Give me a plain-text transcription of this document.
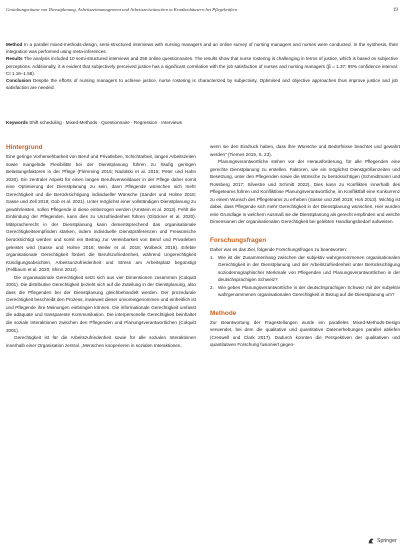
Gestaltungsräume von Dienstplanung, Arbeitszeitmanagement und Arbeitszeitwünschen in Krankenhäusern bei Pflegekräften	19

Method In a parallel mixed-methods-design, semi-structured interviews with nursing managers and an online survey of nursing managers and nurses were conducted. In the synthesis, their integration was performed using meta-inferences.

Results The analysis included 10 semi-structured interviews and 256 online questionnaires. The results show that nurse rostering is challenging in terms of justice, which is based on subjective perceptions. Additionally, it is evident that subjectively perceived justice has a significant correlation with the job satisfaction of nurses and nursing managers (ꞵ = 1.37; 95% confidence interval: CI 1.16–1.58).

Conclusion Despite the efforts of nursing managers to achieve justice, nurse rostering is characterized by subjectivity. Optimised and objective approaches thus improve justice and job satisfaction are needed.

Keywords Shift scheduling · Mixed-Methods · Questionnaire · Regression · Interviews
Hintergrund

Eine geringe Vorhersehbarkeit von Beruf und Privatleben, Schichtarbeit, langen Arbeitszeiten sowie mangelnde Flexibilität bei der Dienstplanung führen zu häufig geringen Belastungsfaktoren in der Pflege (Flemming 2015; Nadolski et al. 2015; Peter und Hahn 2020). Ein zentraler Aspekt für einen langen Berufsverweildauer in der Pflege daher somit eine Optimierung der Dienstplanung zu sein, dann Pflegende wünschen sich mehr Gerechtigkeit und die Berücksichtigung individueller Wünsche (Sander und Holme 2018; Sasse und Zell 2019; Gob et al. 2021). Unter möglichst einer vollständigen Dienstplanung zu gewährleisten, sollen Pflegende in diese einbezogen werden (Arnstein et al. 2013). Fehlt die Einbindung der Pflegenden, kann dies zu Unzufriedenheit führen (Glöckner et al. 2020). Mitspracherecht in der Dienstplanung kann dementsprechend das organisationale Gerechtigkeitsempfinden stärken, indem individuelle Dienstpräferenzen und Freiwünsche berücksichtigt werden und somit ein Beitrag zur Vereinbarkeit von Beruf und Privatleben geleistet wird (Sasse und Holme 2018; Weiler et al. 2018; Wolbeck 2019). Erlebte organisationale Gerechtigkeit fördert die Berufszufriedenheit, während Ungerechtigkeit Kündigungsabsichten, Arbeitsunzufriedenheit und Stress am Arbeitsplatz begünstigt (Fellbaum et al. 2020; Shinn 2012).

Die organisationale Gerechtigkeit setzt sich aus vier Dimensionen zusammen (Colquitt 2001). Die distributive Gerechtigkeit bezieht sich auf die Zuteilung in der Dienstplanung, also dass die Pflegenden bei der Dienstplanung gleichbehandelt werden. Der prozedurale Gerechtigkeit beschreibt den Prozess, inwieweit dieser unvoreingenommen und einheitlich ist und Pflegende ihre Meinungen einbringen können. Die informationale Gerechtigkeit umfasst die adäquate und transparente Kommunikation. Die interpersonelle Gerechtigkeit beinhaltet die soziale Interaktionen zwischen den Pflegenden und Planungsverantwortlichen (Colquitt 2001).

Gerechtigkeit ist für die Arbeitszufriedenheit sowie für alle sozialen Interaktionen innerhalb einer Organisation zentral. „Menschen kooperieren in sozialen Interaktionen,

wenn sie den Eindruck haben, dass ihre Wünsche und Bedürfnisse beachtet und gewahrt werden" (Tiemes 2015, S. 23).

Planungsverantwortliche stehen vor der Herausforderung, für alle Pflegenden eine gerechte Dienstplanung zu erstellen. Faktoren, wie ein möglichst Dienstgrößenzeiten und Besetzung, unter den Pflegenden sowie die Wünsche zu berücksichtigen (Schmidtmann und Rossberg 2017; Silvestre und Schmitt 2022). Dies kann zu Konflikten innerhalb des Pflegeteams führen und Konfliktlose Planungsverantwortliche, im Konfliktfall eine Konkurrenz zu einem Wunsch des Pflegeteams zu erheben (Sasse und Zell 2019; Hoh 2013). Wichtig ist dabei, dass Pflegende sich mehr Gerechtigkeit in der Dienstplanung wünschen. Hier wurden eine Grundlage in welchem Ausmaß sie die Dienstplanung als gerecht empfinden und welche Dimensionen der organisationalen Gerechtigkeit bei gelebten Handlungsbedarf aufweisen.

Forschungsfragen

Daher war es das Ziel, folgende Forschungsfragen zu beantworten:

1. Wie ist der Zusammenhang zwischen der subjektiv wahrgenommenen organisationalen Gerechtigkeit in der Dienstplanung und der Arbeitszufriedenheit unter Berücksichtigung soziodemographischer Merkmale von Pflegenden und Planungsverantwortlichen in der deutschsprachigen Schweiz?
2. Wie geben Planungsverantwortliche in der deutschsprachigen Schweiz mit der subjektiv wahrgenommenen organisationalen Gerechtigkeit in Bezug auf die Dienstplanung um?
Methode

Zur Beantwortung der Fragestellungen wurde ein paralleles Mixed-Methods-Design verwendet, bei dem die qualitative und quantitative Datenerhebungen parallel abliefen (Creswell und Clark 2017). Dadurch konnten die Perspektiven der qualitativen und quantitativen Forschung fusioniert gegen-

Springer
